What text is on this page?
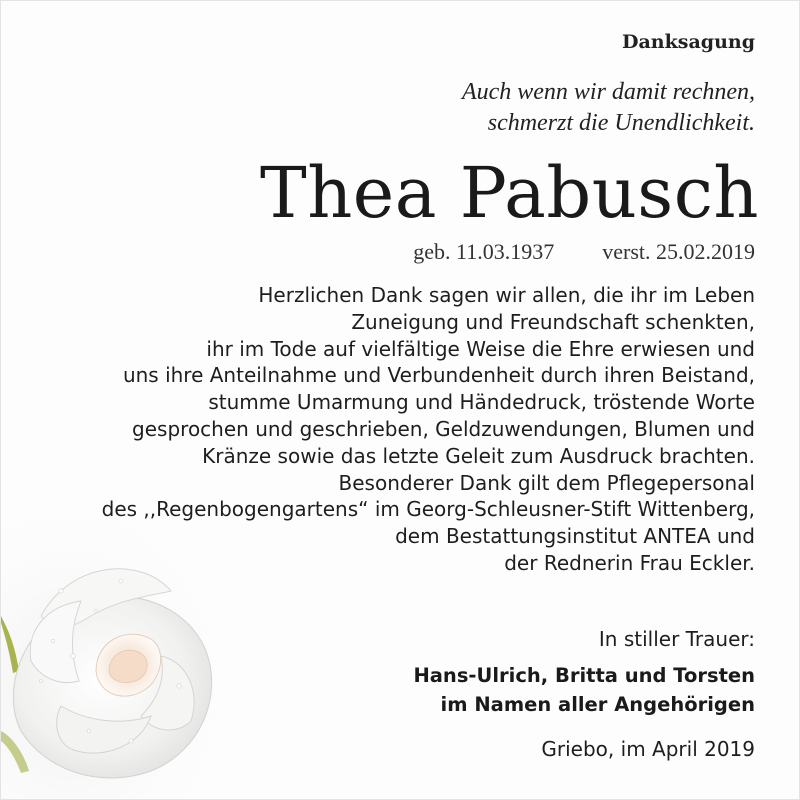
Danksagung
Auch wenn wir damit rechnen,
schmerzt die Unendlichkeit.
Thea Pabusch
geb. 11.03.1937 verst. 25.02.2019
Herzlichen Dank sagen wir allen, die ihr im Leben
Zuneigung und Freundschaft schenkten,
ihr im Tode auf vielfältige Weise die Ehre erwiesen und
uns ihre Anteilnahme und Verbundenheit durch ihren Beistand,
stumme Umarmung und Händedruck, tröstende Worte
gesprochen und geschrieben, Geldzuwendungen, Blumen und
Kränze sowie das letzte Geleit zum Ausdruck brachten.
Besonderer Dank gilt dem Pflegepersonal
des ,,Regenbogengartens“ im Georg-Schleusner-Stift Wittenberg,
dem Bestattungsinstitut ANTEA und
der Rednerin Frau Eckler.
In stiller Trauer:
Hans-Ulrich, Britta und Torsten
im Namen aller Angehörigen
Griebo, im April 2019
